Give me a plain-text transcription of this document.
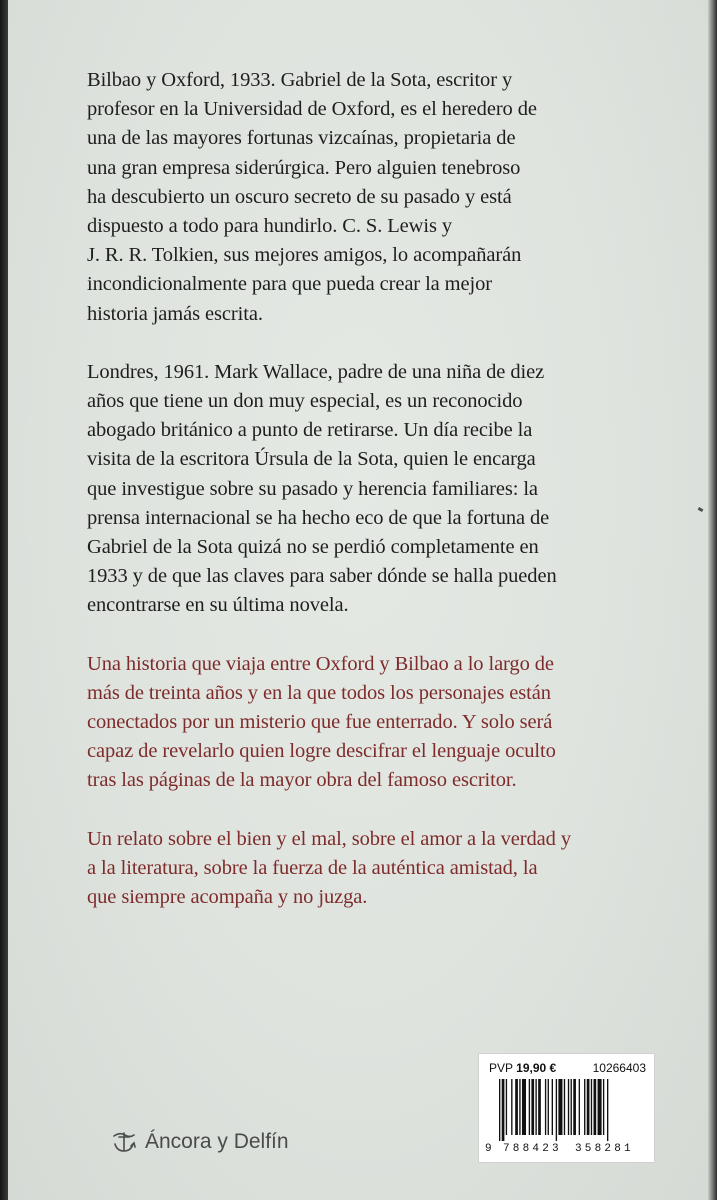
Bilbao y Oxford, 1933. Gabriel de la Sota, escritor y
profesor en la Universidad de Oxford, es el heredero de
una de las mayores fortunas vizcaínas, propietaria de
una gran empresa siderúrgica. Pero alguien tenebroso
ha descubierto un oscuro secreto de su pasado y está
dispuesto a todo para hundirlo. C. S. Lewis y
J. R. R. Tolkien, sus mejores amigos, lo acompañarán
incondicionalmente para que pueda crear la mejor
historia jamás escrita.

Londres, 1961. Mark Wallace, padre de una niña de diez
años que tiene un don muy especial, es un reconocido
abogado británico a punto de retirarse. Un día recibe la
visita de la escritora Úrsula de la Sota, quien le encarga
que investigue sobre su pasado y herencia familiares: la
prensa internacional se ha hecho eco de que la fortuna de
Gabriel de la Sota quizá no se perdió completamente en
1933 y de que las claves para saber dónde se halla pueden
encontrarse en su última novela.

Una historia que viaja entre Oxford y Bilbao a lo largo de
más de treinta años y en la que todos los personajes están
conectados por un misterio que fue enterrado. Y solo será
capaz de revelarlo quien logre descifrar el lenguaje oculto
tras las páginas de la mayor obra del famoso escritor.

Un relato sobre el bien y el mal, sobre el amor a la verdad y
a la literatura, sobre la fuerza de la auténtica amistad, la
que siempre acompaña y no juzga.

Áncora y Delfín
PVP 19,90 €	10266403
9	788423 358281
